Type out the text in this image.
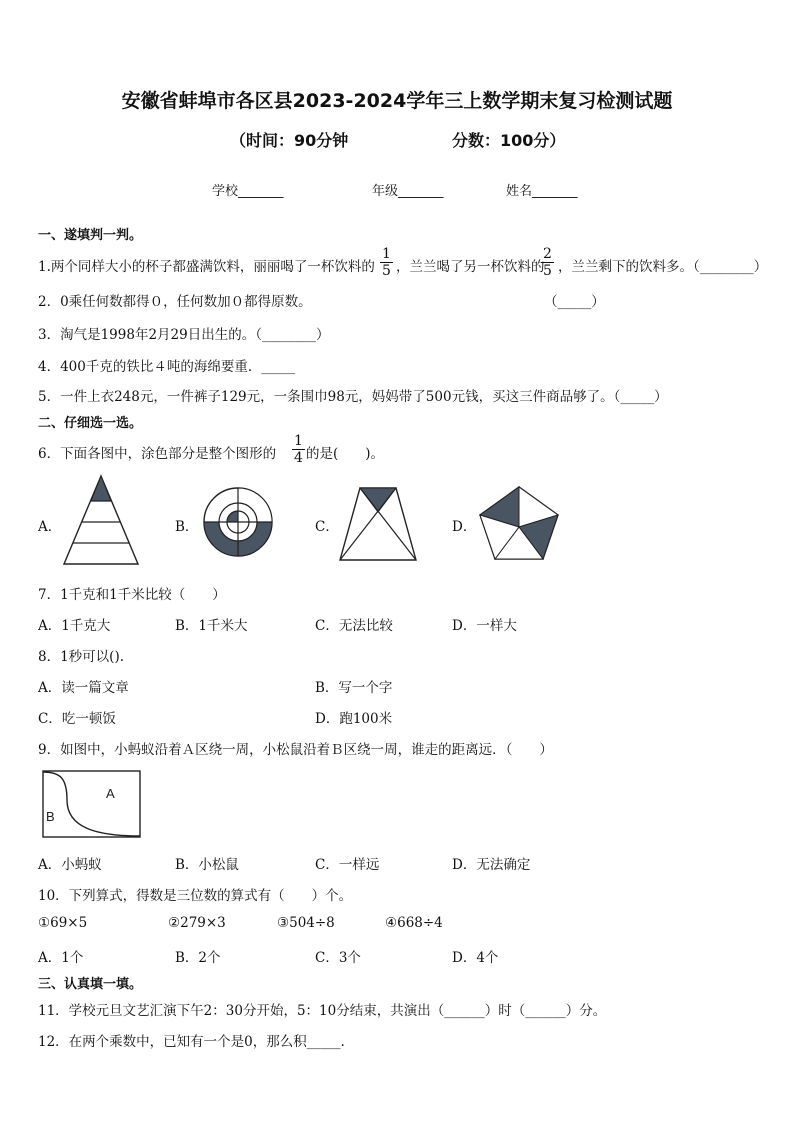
安徽省蚌埠市各区县2023-2024学年三上数学期末复习检测试题
（时间：90分钟	分数：100分）
学校_______	年级_______	姓名_______
一、遂填判一判。
1.两个同样大小的杯子都盛满饮料，丽丽喝了一杯饮料的 $\frac{1}{5}$ ，兰兰喝了另一杯饮料的
$\frac{2}{5}$ ，兰兰剩下的饮料多。（________）
2．0乘任何数都得０，任何数加０都得原数。	（_____）
3．淘气是1998年2月29日出生的。（________）
4．400千克的铁比４吨的海绵要重．_____
5．一件上衣248元，一件裤子129元，一条围巾98元，妈妈带了500元钱，买这三件商品够了。（_____）
二、仔细选一选。
6．下面各图中，涂色部分是整个图形的 $\frac{1}{4}$ 的是(　　)。
A．	B．	C．	D．
7．1千克和1千米比较（　　）
A．1千克大	B．1千米大	C．无法比较	D．一样大
8．1秒可以().
A．读一篇文章	B．写一个字
C．吃一顿饭	D．跑100米
9．如图中，小蚂蚁沿着Ａ区绕一周，小松鼠沿着Ｂ区绕一周，谁走的距离远．（　　）
A
B
A．小蚂蚁	B．小松鼠	C．一样远	D．无法确定
10．下列算式，得数是三位数的算式有（　　）个。
①69×5	②279×3	③504÷8	④668÷4
A．1个	B．2个	C．3个	D．4个
三、认真填一填。
11．学校元旦文艺汇演下午2：30分开始，5：10分结束，共演出（______）时（______）分。
12．在两个乘数中，已知有一个是0，那么积_____.
